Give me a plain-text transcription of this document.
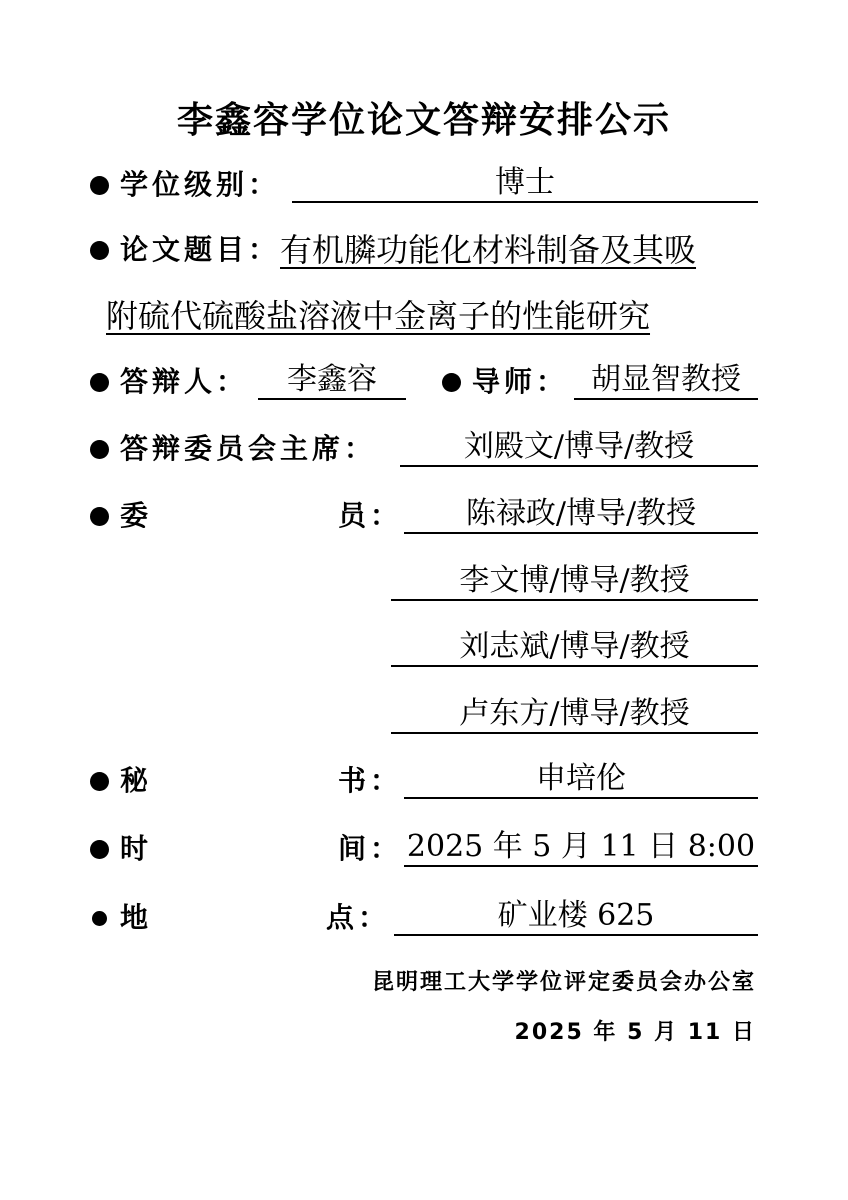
李鑫容学位论文答辩安排公示
学位级别：	博士
论文题目： 有机膦功能化材料制备及其吸
附硫代硫酸盐溶液中金离子的性能研究
答辩人：	李鑫容	导师： 胡显智教授
答辩委员会主席：	刘殿文/博导/教授
委	员：	陈禄政/博导/教授
李文博/博导/教授
刘志斌/博导/教授
卢东方/博导/教授
秘	书：	申培伦
时	间： 2025 年 5 月 11 日 8:00
地	点：	矿业楼 625
昆明理工大学学位评定委员会办公室
2025 年 5 月 11 日
